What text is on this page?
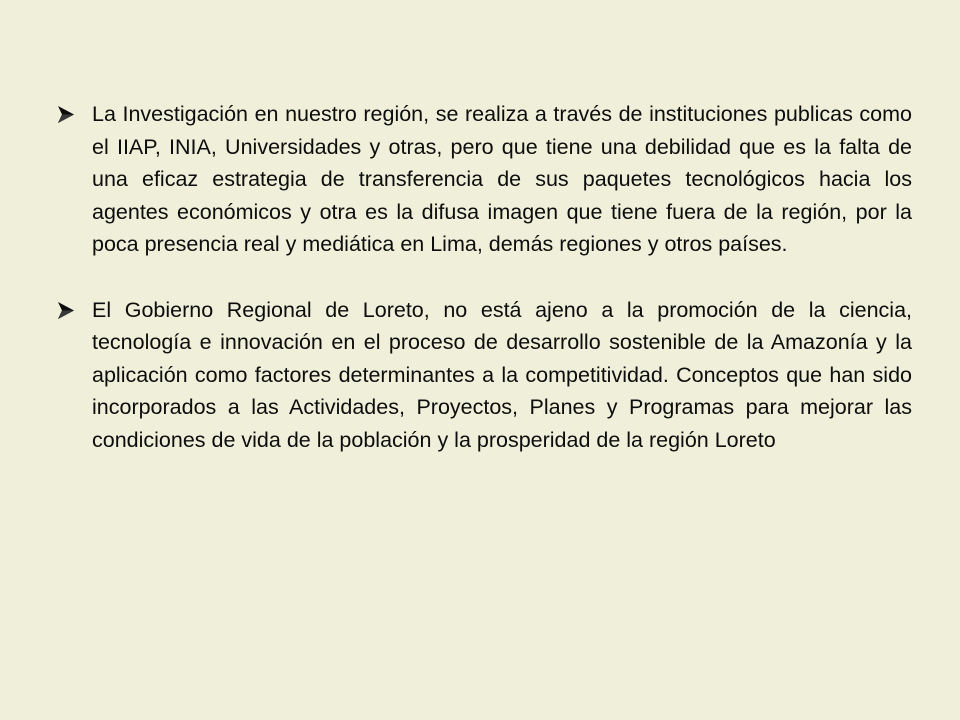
La Investigación en nuestro región, se realiza a través de instituciones publicas como el IIAP, INIA, Universidades y otras, pero que tiene una debilidad que es la falta de una eficaz estrategia de transferencia de sus paquetes tecnológicos hacia los agentes económicos y otra es la difusa imagen que tiene fuera de la región, por la poca presencia real y mediática en Lima, demás regiones y otros países.
El Gobierno Regional de Loreto, no está ajeno a la promoción de la ciencia, tecnología e innovación en el proceso de desarrollo sostenible de la Amazonía y la aplicación como factores determinantes a la competitividad. Conceptos que han sido incorporados a las Actividades, Proyectos, Planes y Programas para mejorar las condiciones de vida de la población y la prosperidad de la región Loreto
